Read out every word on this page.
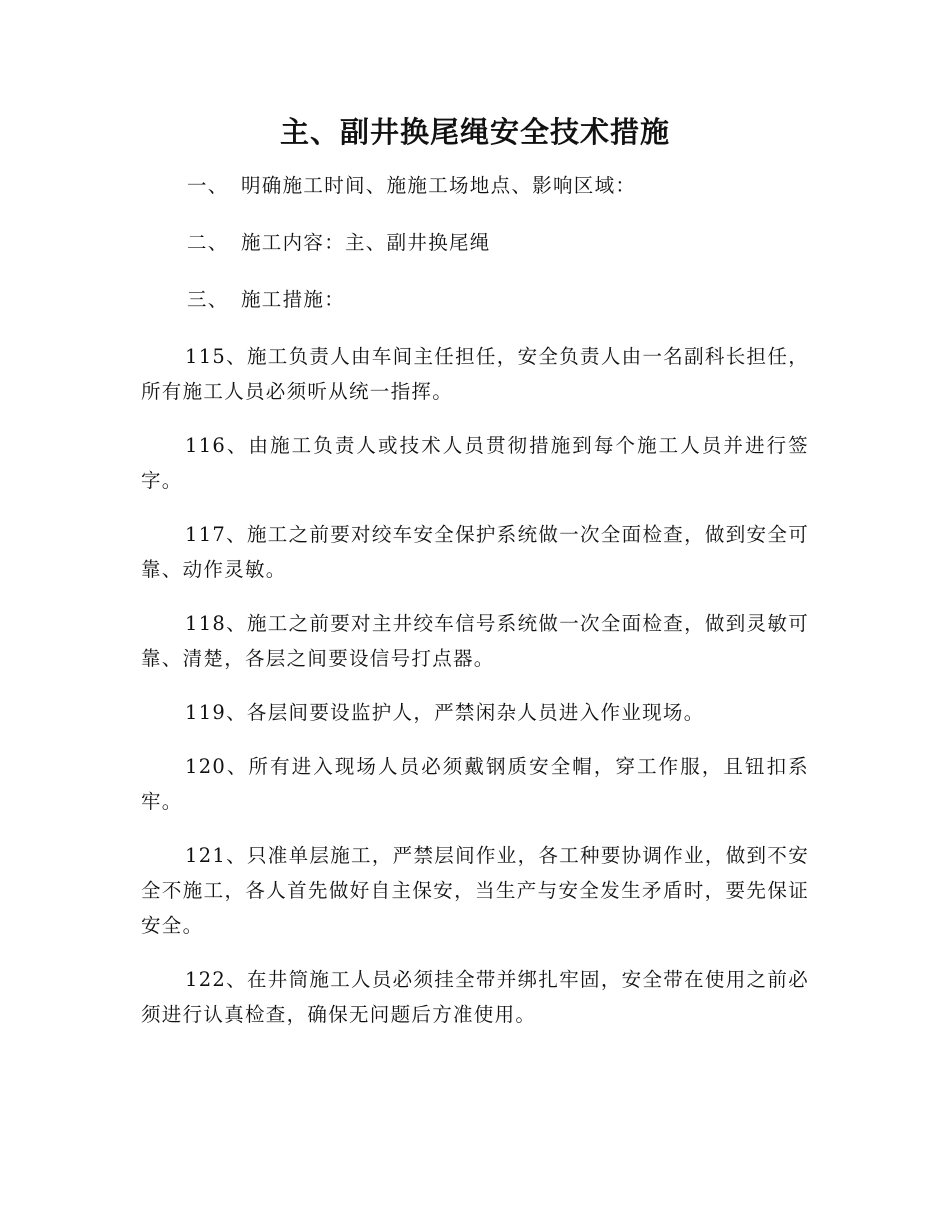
主、副井换尾绳安全技术措施
一、 明确施工时间、施施工场地点、影响区域：
二、 施工内容：主、副井换尾绳
三、 施工措施：

115、施工负责人由车间主任担任，安全负责人由一名副科长担任，所有施工人员必须听从统一指挥。

116、由施工负责人或技术人员贯彻措施到每个施工人员并进行签字。

117、施工之前要对绞车安全保护系统做一次全面检查，做到安全可靠、动作灵敏。

118、施工之前要对主井绞车信号系统做一次全面检查，做到灵敏可靠、清楚，各层之间要设信号打点器。

119、各层间要设监护人，严禁闲杂人员进入作业现场。

120、所有进入现场人员必须戴钢质安全帽，穿工作服，且钮扣系牢。

121、只准单层施工，严禁层间作业，各工种要协调作业，做到不安全不施工，各人首先做好自主保安，当生产与安全发生矛盾时，要先保证安全。

122、在井筒施工人员必须挂全带并绑扎牢固，安全带在使用之前必须进行认真检查，确保无问题后方准使用。
